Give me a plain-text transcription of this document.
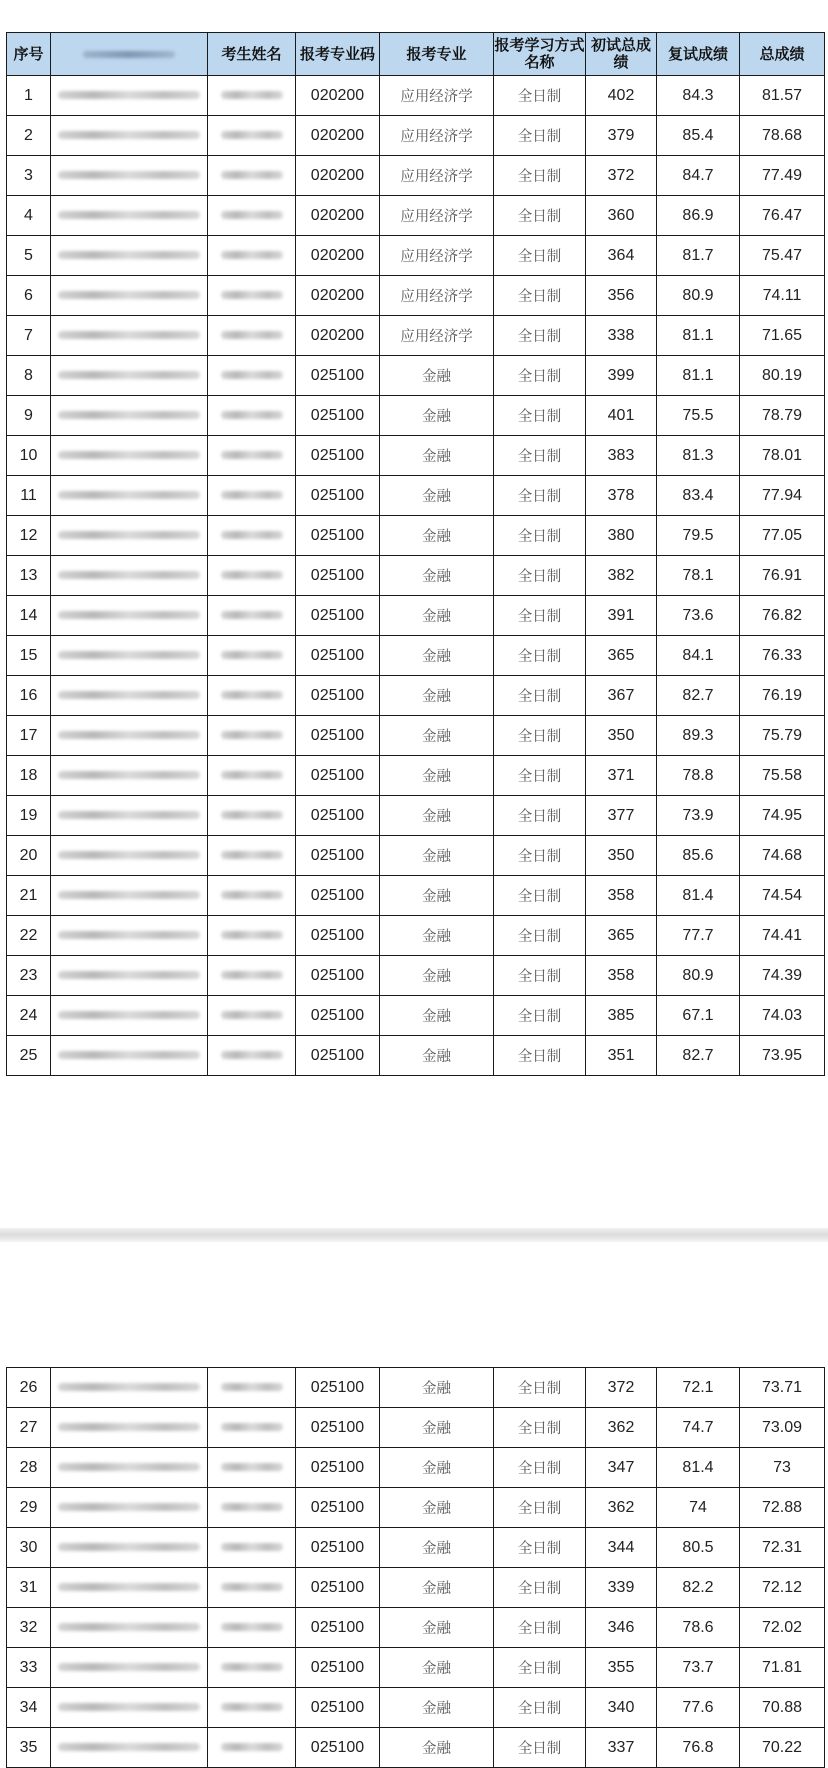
序号		考生姓名	报考专业码	报考专业	报考学习方式名称	初试总成绩	复试成绩	总成绩
1			020200	应用经济学	全日制	402	84.3	81.57
2			020200	应用经济学	全日制	379	85.4	78.68
3			020200	应用经济学	全日制	372	84.7	77.49
4			020200	应用经济学	全日制	360	86.9	76.47
5			020200	应用经济学	全日制	364	81.7	75.47
6			020200	应用经济学	全日制	356	80.9	74.11
7			020200	应用经济学	全日制	338	81.1	71.65
8			025100	金融	全日制	399	81.1	80.19
9			025100	金融	全日制	401	75.5	78.79
10			025100	金融	全日制	383	81.3	78.01
11			025100	金融	全日制	378	83.4	77.94
12			025100	金融	全日制	380	79.5	77.05
13			025100	金融	全日制	382	78.1	76.91
14			025100	金融	全日制	391	73.6	76.82
15			025100	金融	全日制	365	84.1	76.33
16			025100	金融	全日制	367	82.7	76.19
17			025100	金融	全日制	350	89.3	75.79
18			025100	金融	全日制	371	78.8	75.58
19			025100	金融	全日制	377	73.9	74.95
20			025100	金融	全日制	350	85.6	74.68
21			025100	金融	全日制	358	81.4	74.54
22			025100	金融	全日制	365	77.7	74.41
23			025100	金融	全日制	358	80.9	74.39
24			025100	金融	全日制	385	67.1	74.03
25			025100	金融	全日制	351	82.7	73.95
26			025100	金融	全日制	372	72.1	73.71
27			025100	金融	全日制	362	74.7	73.09
28			025100	金融	全日制	347	81.4	73
29			025100	金融	全日制	362	74	72.88
30			025100	金融	全日制	344	80.5	72.31
31			025100	金融	全日制	339	82.2	72.12
32			025100	金融	全日制	346	78.6	72.02
33			025100	金融	全日制	355	73.7	71.81
34			025100	金融	全日制	340	77.6	70.88
35			025100	金融	全日制	337	76.8	70.22
